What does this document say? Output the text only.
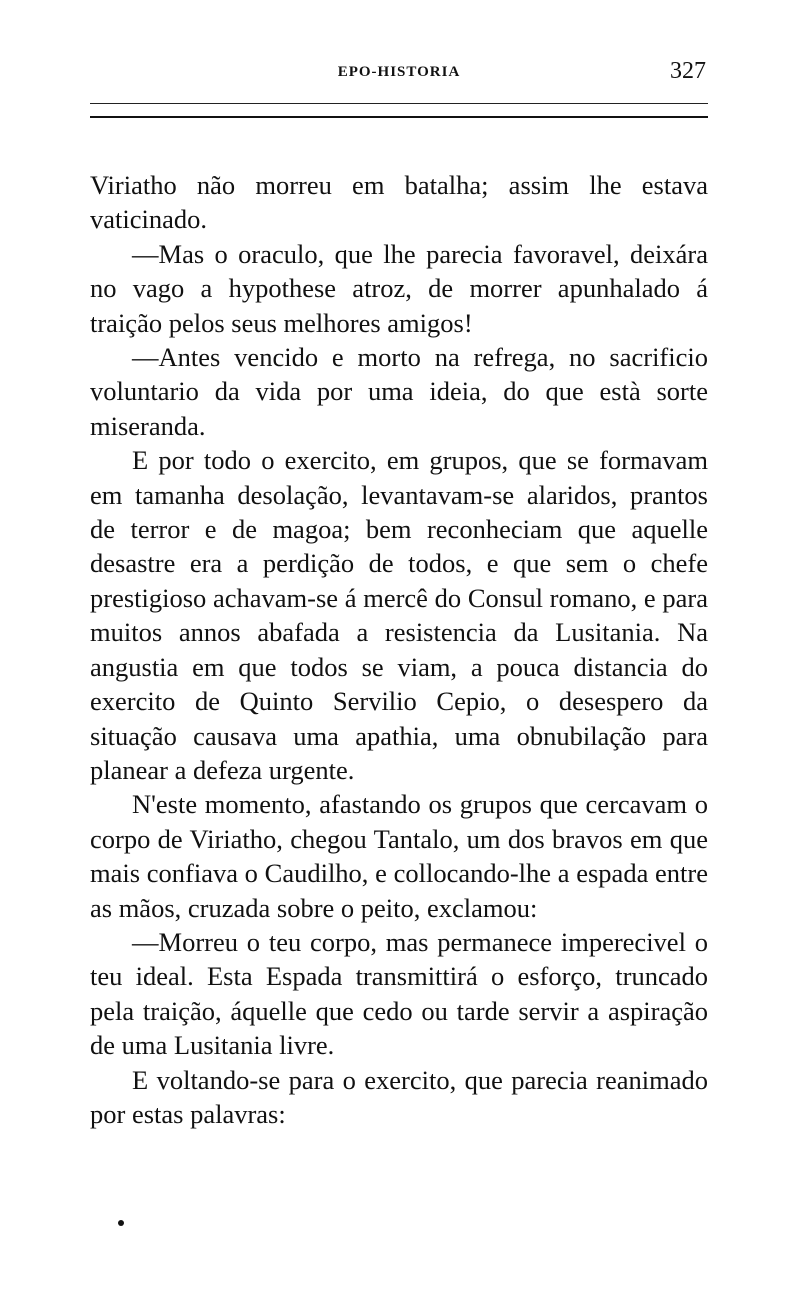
EPO-HISTORIA	327

Viriatho não morreu em batalha; assim lhe estava vaticinado.

—Mas o oraculo, que lhe parecia favoravel, deixára no vago a hypothese atroz, de morrer apunhalado á traição pelos seus melhores amigos!

—Antes vencido e morto na refrega, no sacrificio voluntario da vida por uma ideia, do que està sorte miseranda.

E por todo o exercito, em grupos, que se formavam em tamanha desolação, levantavam-se alaridos, prantos de terror e de magoa; bem reconheciam que aquelle desastre era a perdição de todos, e que sem o chefe prestigioso achavam-se á mercê do Consul romano, e para muitos annos abafada a resistencia da Lusitania. Na angustia em que todos se viam, a pouca distancia do exercito de Quinto Servilio Cepio, o desespero da situação causava uma apathia, uma obnubilação para planear a defeza urgente.

N'este momento, afastando os grupos que cercavam o corpo de Viriatho, chegou Tantalo, um dos bravos em que mais confiava o Caudilho, e collocando-lhe a espada entre as mãos, cruzada sobre o peito, exclamou:

—Morreu o teu corpo, mas permanece imperecivel o teu ideal. Esta Espada transmittirá o esforço, truncado pela traição, áquelle que cedo ou tarde servir a aspiração de uma Lusitania livre.

E voltando-se para o exercito, que parecia reanimado por estas palavras:
